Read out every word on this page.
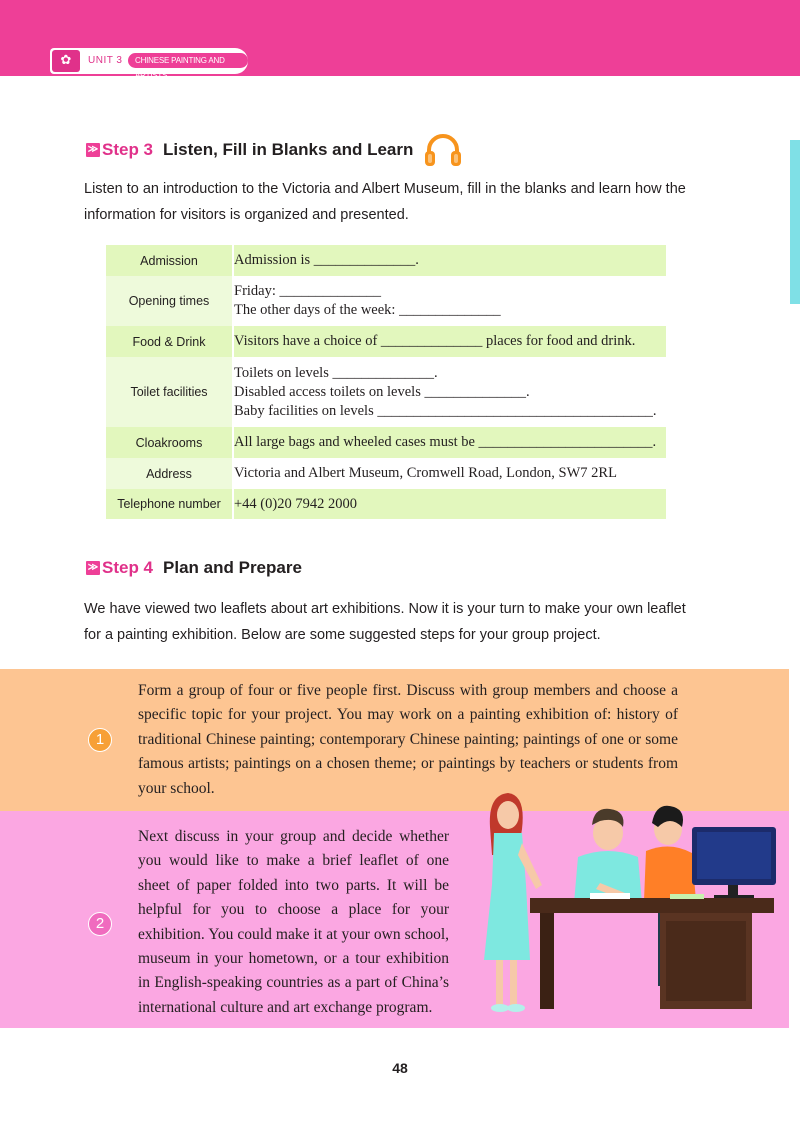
✿	UNIT 3	CHINESE PAINTING AND ARTISTS
≫ Step 3 Listen, Fill in Blanks and Learn
Listen to an introduction to the Victoria and Albert Museum, fill in the blanks and learn how the information for visitors is organized and presented.
Admission	Admission is ______________.

Opening times	Friday: ______________
The other days of the week: ______________

Food & Drink	Visitors have a choice of ______________ places for food and drink.

Toilet facilities	Toilets on levels ______________.
Disabled access toilets on levels ______________.
Baby facilities on levels ______________________________________.

Cloakrooms	All large bags and wheeled cases must be ________________________.

Address	Victoria and Albert Museum, Cromwell Road, London, SW7 2RL

Telephone number	+44 (0)20 7942 2000
≫ Step 4 Plan and Prepare
We have viewed two leaflets about art exhibitions. Now it is your turn to make your own leaflet for a painting exhibition. Below are some suggested steps for your group project.
1
Form a group of four or five people first. Discuss with group members and choose a specific topic for your project. You may work on a painting exhibition of: history of traditional Chinese painting; contemporary Chinese painting; paintings of one or some famous artists; paintings on a chosen theme; or paintings by teachers or students from your school.
2
Next discuss in your group and decide whether you would like to make a brief leaflet of one sheet of paper folded into two parts. It will be helpful for you to choose a place for your exhibition. You could make it at your own school, museum in your hometown, or a tour exhibition in English-speaking countries as a part of China’s international culture and art exchange program.
48
